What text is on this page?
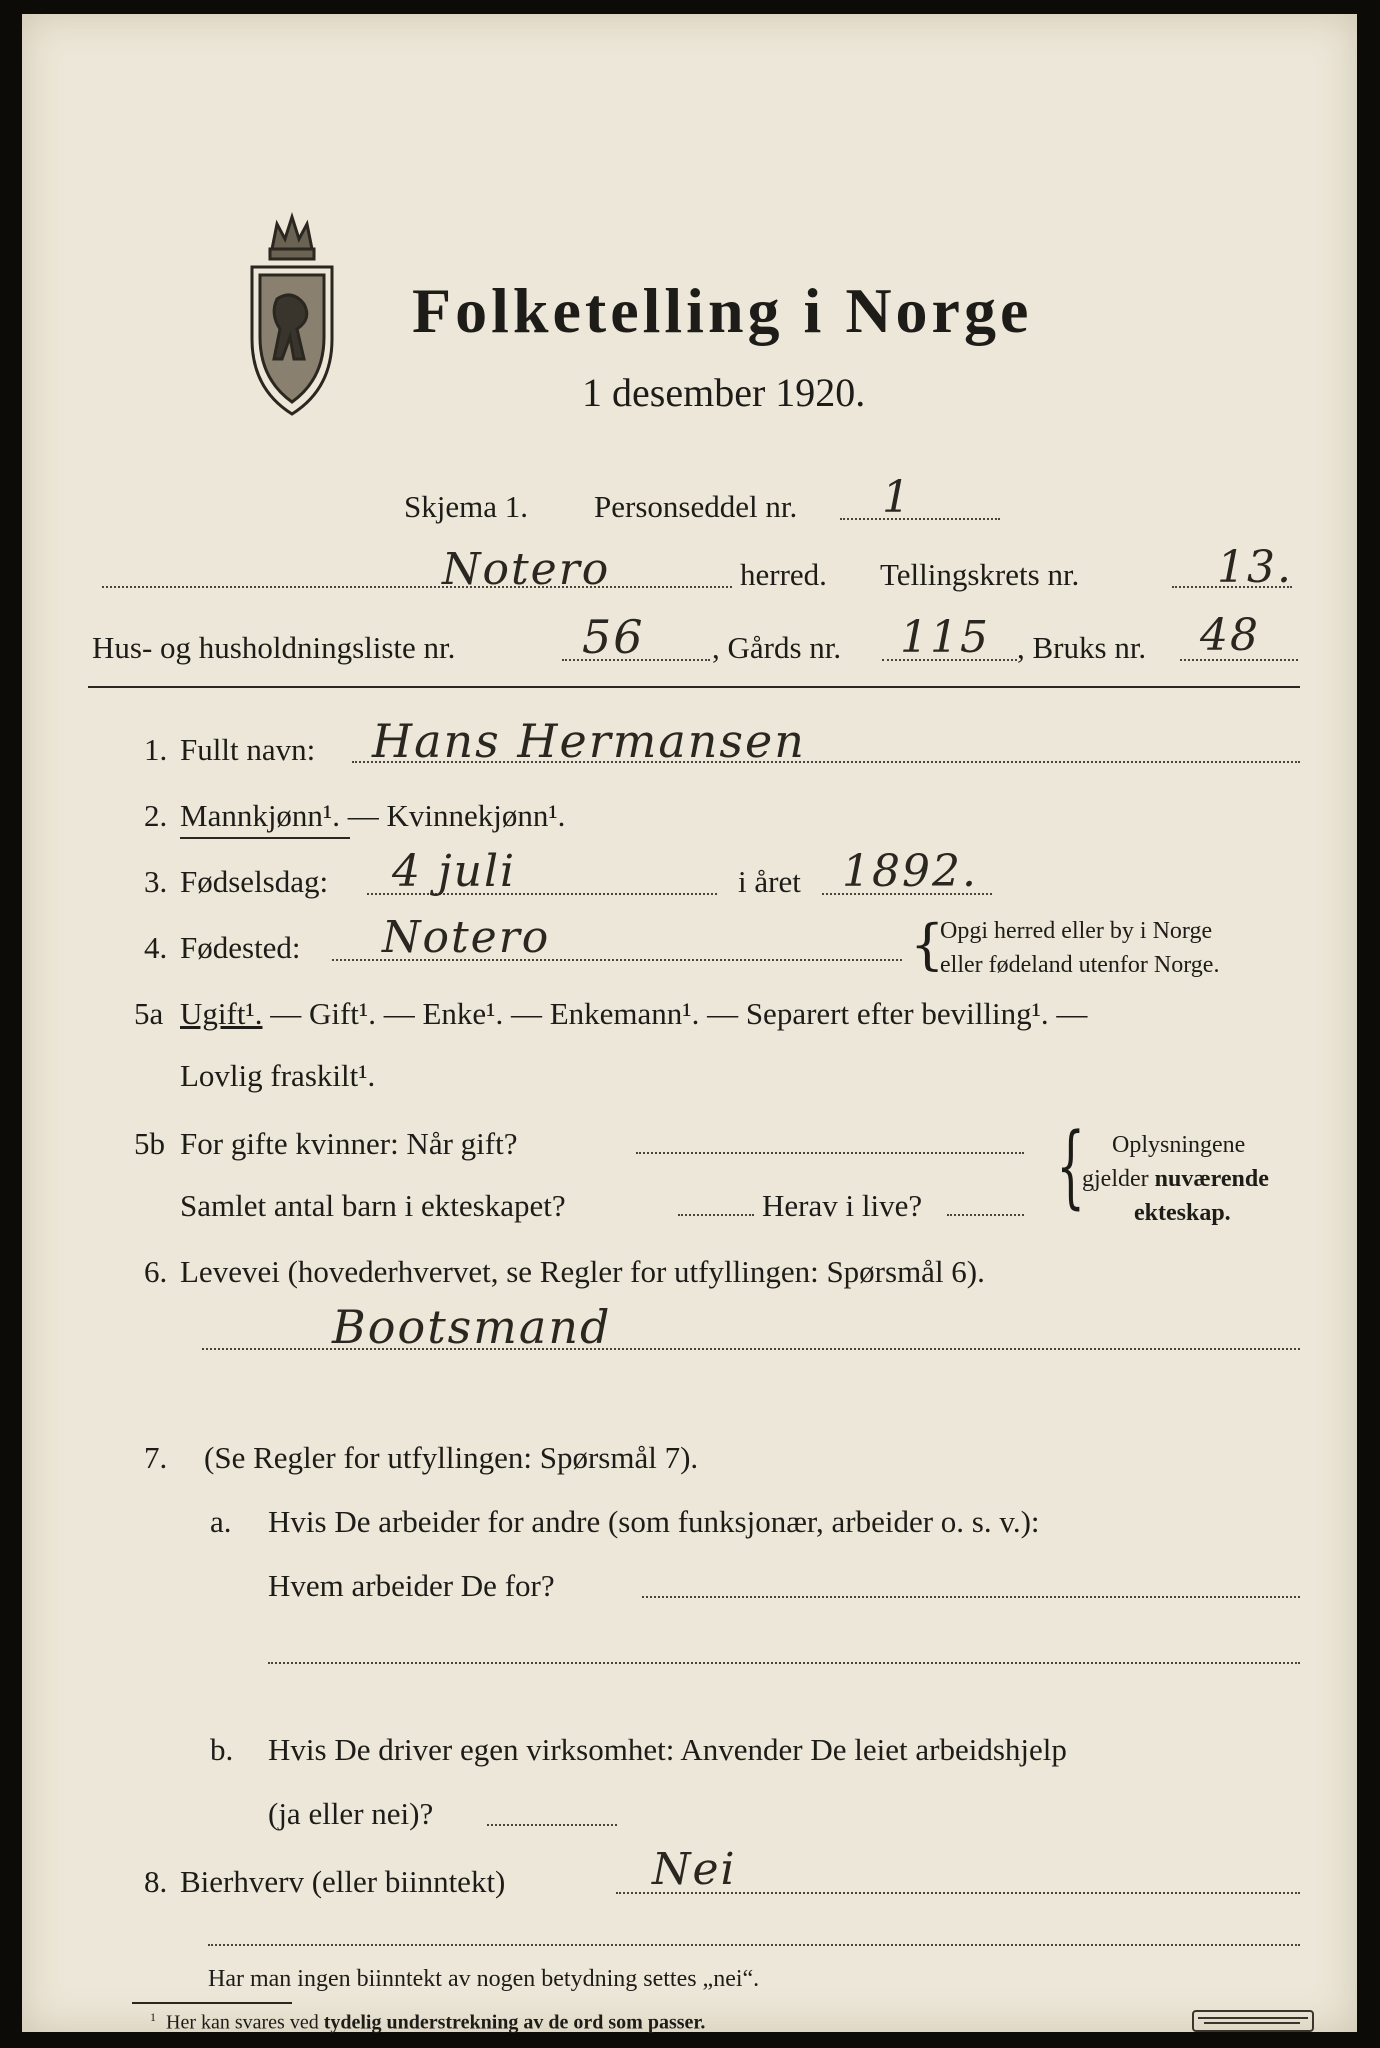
Folketelling i Norge
1 desember 1920.
Skjema 1. Personseddel nr. 1
Notero	herred. Tellingskrets nr.	13.
Hus- og husholdningsliste nr.	56 , Gårds nr. 115 , Bruks nr. 48
1. Fullt navn: Hans Hermansen
2. Mannkjønn¹. — Kvinnekjønn¹.
3. Fødselsdag: 4 juli	i året 1892.
4. Fødested: Notero	{
Opgi herred eller by i Norge
eller fødeland utenfor Norge.
5a Ugift¹. — Gift¹. — Enke¹. — Enkemann¹. — Separert efter bevilling¹. —
Lovlig fraskilt¹.
5b For gifte kvinner: Når gift?
Samlet antal barn i ekteskapet?	Herav i live? { Oplysningene
gjelder nuværende
ekteskap.
6. Levevei (hovederhvervet, se Regler for utfyllingen: Spørsmål 6).
Bootsmand
7. (Se Regler for utfyllingen: Spørsmål 7).
a. Hvis De arbeider for andre (som funksjonær, arbeider o. s. v.):
Hvem arbeider De for?
b. Hvis De driver egen virksomhet: Anvender De leiet arbeidshjelp
(ja eller nei)?
8. Bierhverv (eller biinntekt)	Nei
Har man ingen biinntekt av nogen betydning settes „nei“.
$^1$ Her kan svares ved tydelig understrekning av de ord som passer.
